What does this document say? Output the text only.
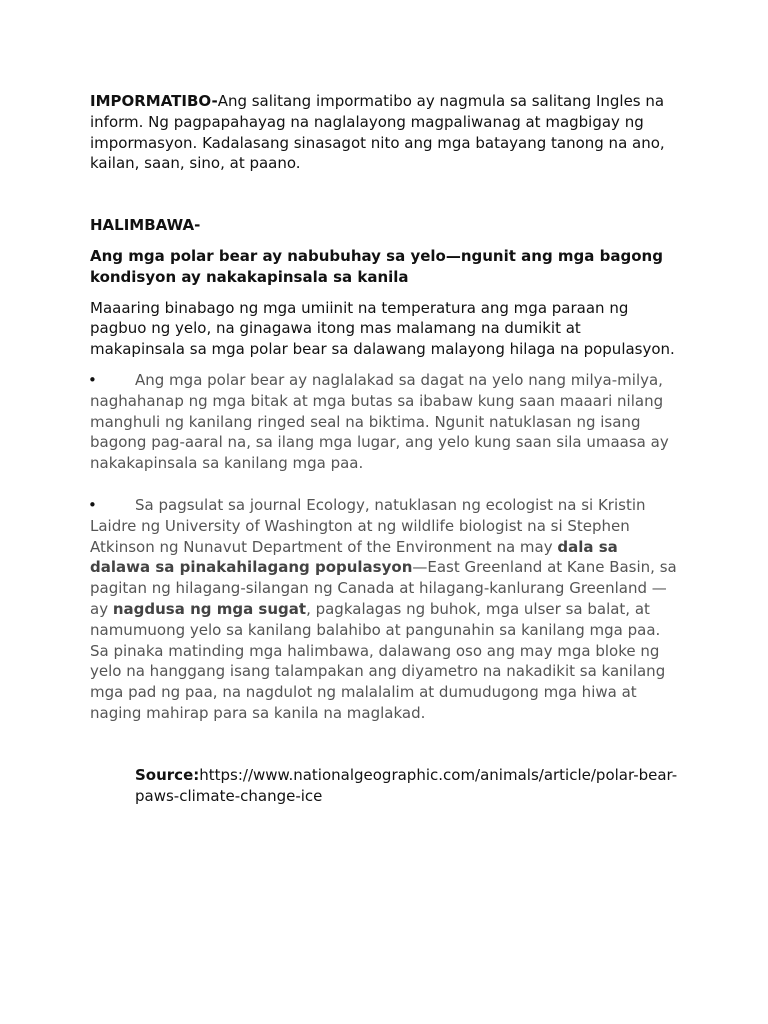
IMPORMATIBO-Ang salitang impormatibo ay nagmula sa salitang Ingles na inform. Ng pagpapahayag na naglalayong magpaliwanag at magbigay ng impormasyon. Kadalasang sinasagot nito ang mga batayang tanong na ano, kailan, saan, sino, at paano.

HALIMBAWA-

Ang mga polar bear ay nabubuhay sa yelo—ngunit ang mga bagong kondisyon ay nakakapinsala sa kanila

Maaaring binabago ng mga umiinit na temperatura ang mga paraan ng pagbuo ng yelo, na ginagawa itong mas malamang na dumikit at makapinsala sa mga polar bear sa dalawang malayong hilaga na populasyon.

•	Ang mga polar bear ay naglalakad sa dagat na yelo nang milya-milya, naghahanap ng mga bitak at mga butas sa ibabaw kung saan maaari nilang manghuli ng kanilang ringed seal na biktima. Ngunit natuklasan ng isang bagong pag-aaral na, sa ilang mga lugar, ang yelo kung saan sila umaasa ay nakakapinsala sa kanilang mga paa.

•	Sa pagsulat sa journal Ecology, natuklasan ng ecologist na si Kristin Laidre ng University of Washington at ng wildlife biologist na si Stephen Atkinson ng Nunavut Department of the Environment na may dala sa dalawa sa pinakahilagang populasyon—East Greenland at Kane Basin, sa pagitan ng hilagang-silangan ng Canada at hilagang-kanlurang Greenland — ay nagdusa ng mga sugat, pagkalagas ng buhok, mga ulser sa balat, at namumuong yelo sa kanilang balahibo at pangunahin sa kanilang mga paa. Sa pinaka matinding mga halimbawa, dalawang oso ang may mga bloke ng yelo na hanggang isang talampakan ang diyametro na nakadikit sa kanilang mga pad ng paa, na nagdulot ng malalalim at dumudugong mga hiwa at naging mahirap para sa kanila na maglakad.

Source:https://www.nationalgeographic.com/animals/article/polar-bear-paws-climate-change-ice
